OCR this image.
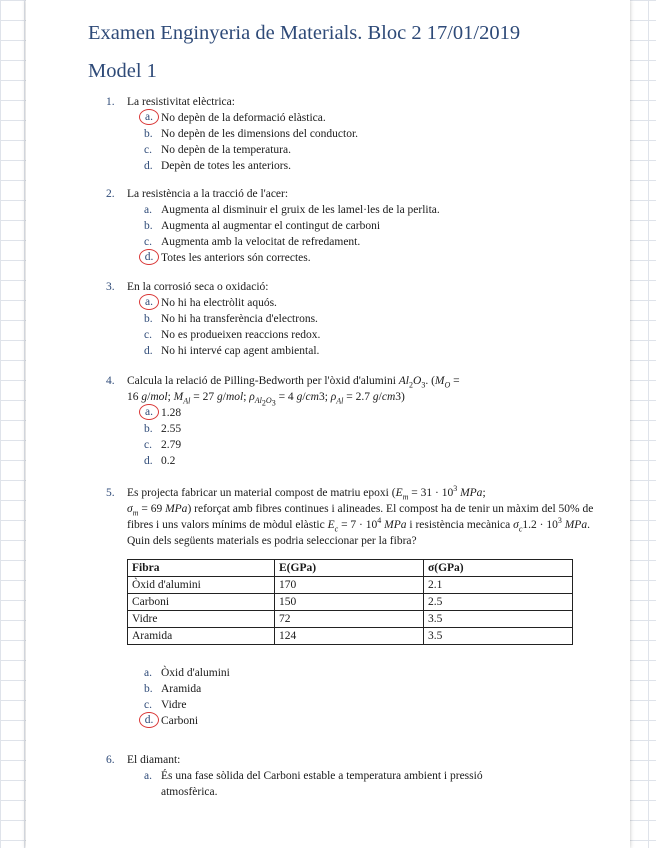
Examen Enginyeria de Materials. Bloc 2 17/01/2019
Model 1
1. La resistivitat elèctrica:
a. No depèn de la deformació elàstica.
b. No depèn de les dimensions del conductor.
c. No depèn de la temperatura.
d. Depèn de totes les anteriors.
2. La resistència a la tracció de l'acer:
a. Augmenta al disminuir el gruix de les lamel·les de la perlita.
b. Augmenta al augmentar el contingut de carboni
c. Augmenta amb la velocitat de refredament.
d. Totes les anteriors són correctes.
3. En la corrosió seca o oxidació:
a. No hi ha electròlit aquós.
b. No hi ha transferència d'electrons.
c. No es produeixen reaccions redox.
d. No hi intervé cap agent ambiental.
4. Calcula la relació de Pilling-Bedworth per l'òxid d'alumini $Al_2O_3$. ($M_O$ =
16 g/mol; $M_{Al} = 27$ g/mol; $\rho_{Al_2O_3} = 4$ g/cm3; $\rho_{Al} = 2.7$ g/cm3)
a. 1.28
b. 2.55
c. 2.79
d. 0.2
5. Es projecta fabricar un material compost de matriu epoxi ($E_m = 31 \cdot 10^3$ MPa;
$\sigma_m = 69$ MPa) reforçat amb fibres continues i alineades. El compost ha de tenir un màxim del 50% de fibres i uns valors mínims de mòdul elàstic $E_c = 7 \cdot 10^4$ MPa i resistència mecànica $\sigma_c1.2 \cdot 10^3$ MPa. Quin dels següents materials es podria seleccionar per la fibra?
Fibra	E(GPa)	σ(GPa)
Òxid d'alumini	170	2.1
Carboni	150	2.5
Vidre	72	3.5
Aramida	124	3.5
a. Òxid d'alumini
b. Aramida
c. Vidre
d. Carboni
6. El diamant:
a. És una fase sòlida del Carboni estable a temperatura ambient i pressió
atmosfèrica.
